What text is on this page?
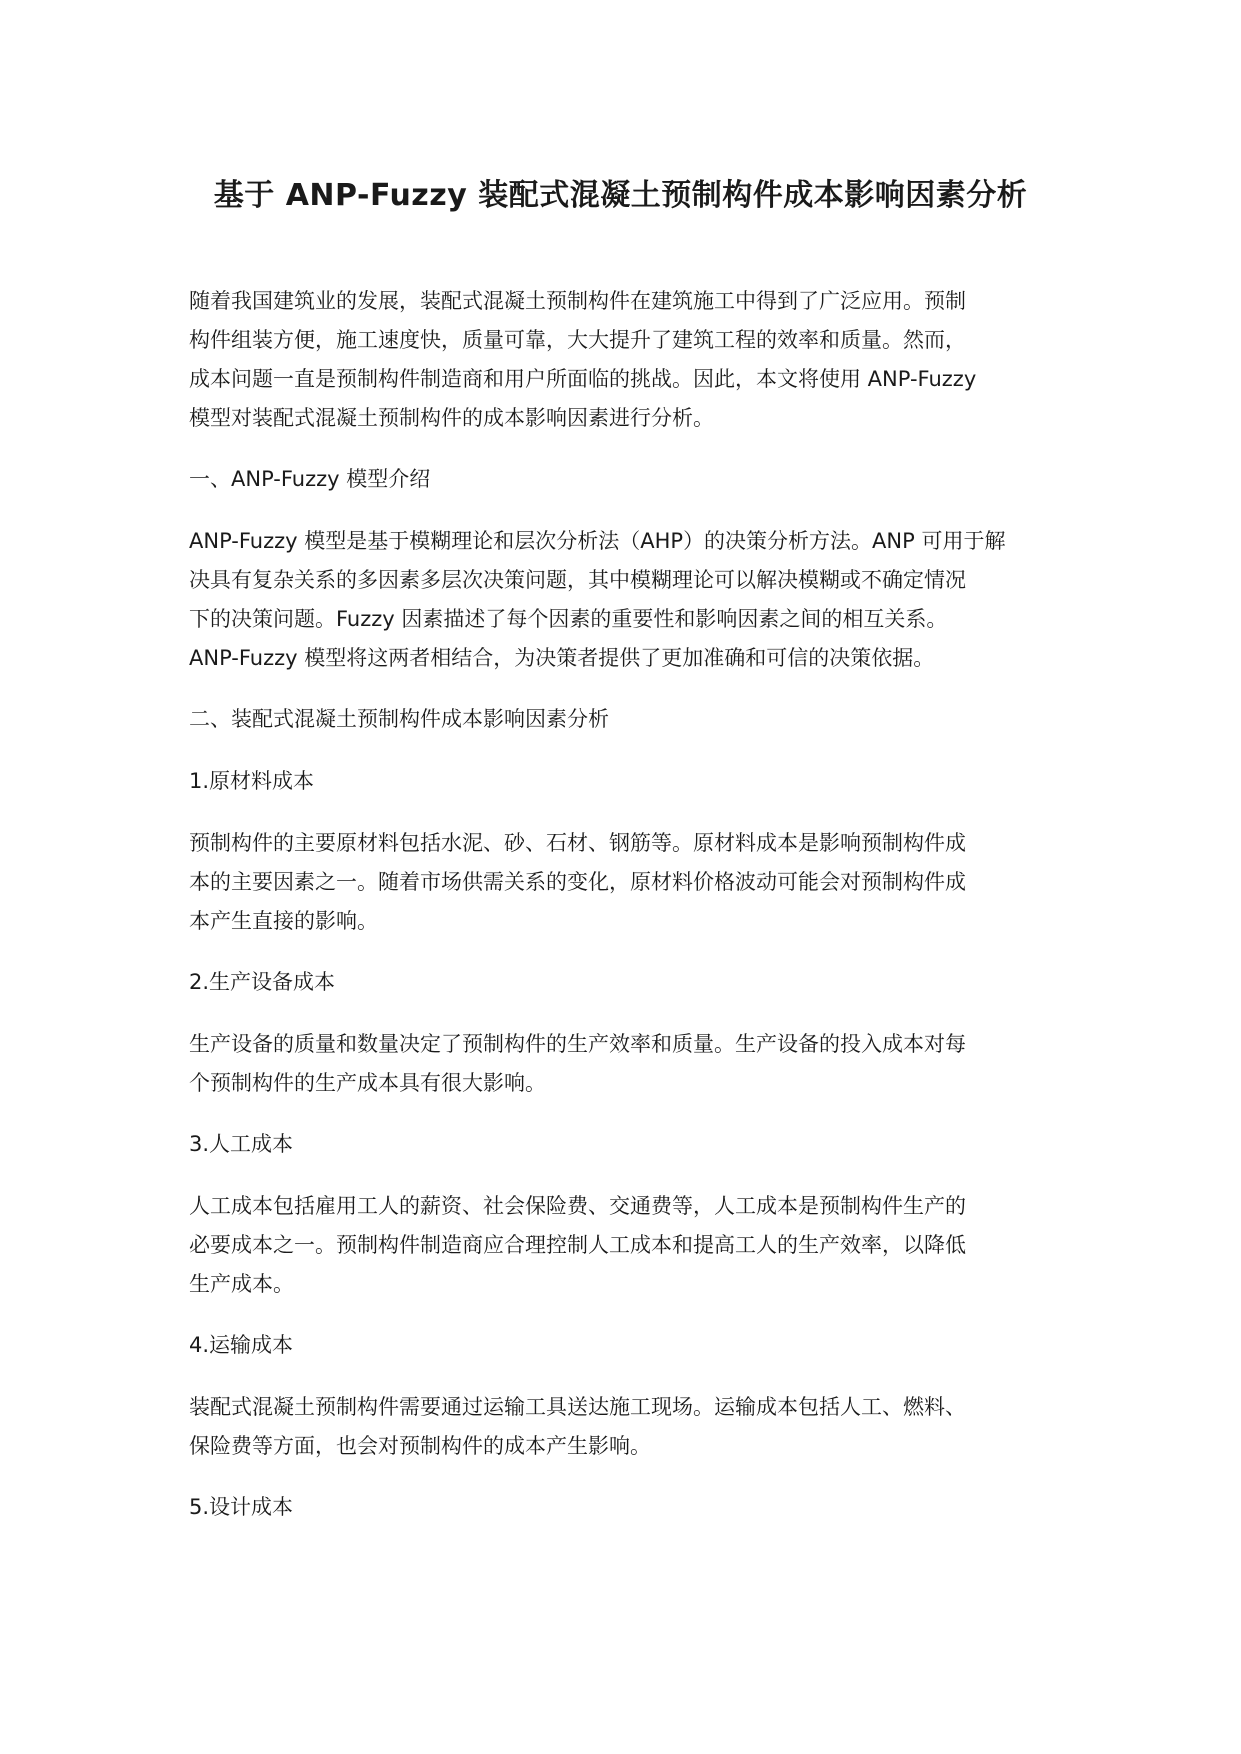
基于 ANP-Fuzzy 装配式混凝土预制构件成本影响因素分析

随着我国建筑业的发展，装配式混凝土预制构件在建筑施工中得到了广泛应用。预制
构件组装方便，施工速度快，质量可靠，大大提升了建筑工程的效率和质量。然而，
成本问题一直是预制构件制造商和用户所面临的挑战。因此，本文将使用 ANP-Fuzzy
模型对装配式混凝土预制构件的成本影响因素进行分析。

一、ANP-Fuzzy 模型介绍

ANP-Fuzzy 模型是基于模糊理论和层次分析法（AHP）的决策分析方法。ANP 可用于解
决具有复杂关系的多因素多层次决策问题，其中模糊理论可以解决模糊或不确定情况
下的决策问题。Fuzzy 因素描述了每个因素的重要性和影响因素之间的相互关系。
ANP-Fuzzy 模型将这两者相结合，为决策者提供了更加准确和可信的决策依据。

二、装配式混凝土预制构件成本影响因素分析

1.原材料成本

预制构件的主要原材料包括水泥、砂、石材、钢筋等。原材料成本是影响预制构件成
本的主要因素之一。随着市场供需关系的变化，原材料价格波动可能会对预制构件成
本产生直接的影响。

2.生产设备成本

生产设备的质量和数量决定了预制构件的生产效率和质量。生产设备的投入成本对每
个预制构件的生产成本具有很大影响。

3.人工成本

人工成本包括雇用工人的薪资、社会保险费、交通费等，人工成本是预制构件生产的
必要成本之一。预制构件制造商应合理控制人工成本和提高工人的生产效率，以降低
生产成本。

4.运输成本

装配式混凝土预制构件需要通过运输工具送达施工现场。运输成本包括人工、燃料、
保险费等方面，也会对预制构件的成本产生影响。

5.设计成本
